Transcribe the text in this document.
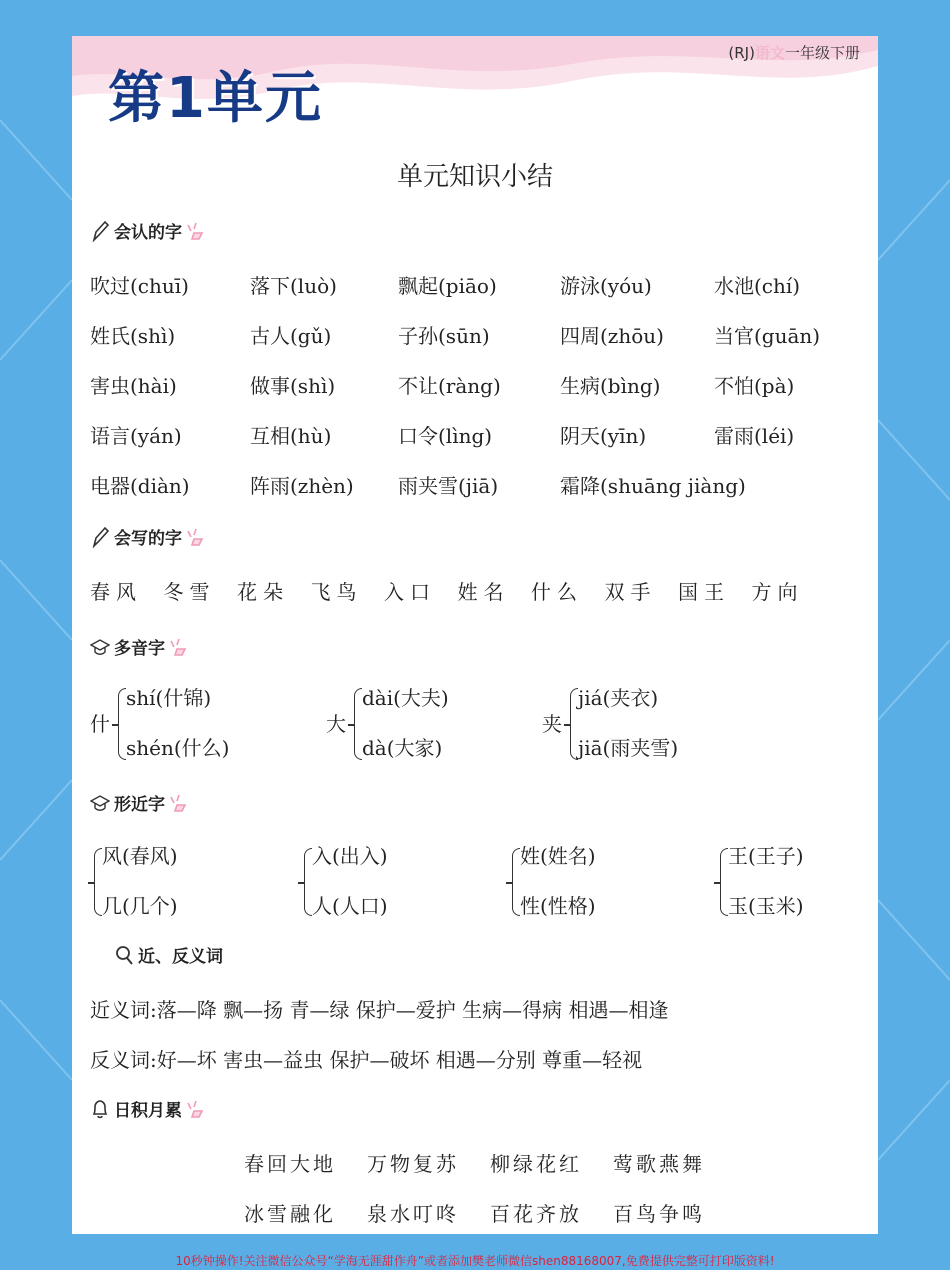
第1单元
(RJ)语文一年级下册
单元知识小结
会认的字
会写的字
多音字
形近字
近、反义词
近义词:落—降 飘—扬 青—绿 保护—爱护 生病—得病 相遇—相逢
反义词:好—坏 害虫—益虫 保护—破坏 相遇—分别 尊重—轻视
日积月累
吹过(chuī)	落下(luò)	飘起(piāo)	游泳(yóu)	水池(chí)
姓氏(shì)	古人(gǔ)	子孙(sūn)	四周(zhōu)	当官(guān)
害虫(hài)	做事(shì)	不让(ràng)	生病(bìng)	不怕(pà)
语言(yán)	互相(hù)	口令(lìng)	阴天(yīn)	雷雨(léi)
电器(diàn)	阵雨(zhèn) 雨夹雪(jiā)	霜降(shuāng jiàng)
春风 冬雪 花朵 飞鸟 入口 姓名 什么 双手 国王 方向
什
shí(什锦)
shén(什么)
大
dài(大夫)
dà(大家)
夹
jiá(夹衣)
jiā(雨夹雪)
风(春风)
几(几个)
入(出入)
人(人口)
姓(姓名)
性(性格)
王(王子)
玉(玉米)
春回大地 万物复苏 柳绿花红 莺歌燕舞
冰雪融化 泉水叮咚 百花齐放 百鸟争鸣
10秒钟操作!关注微信公众号“学海无涯甜作舟”或者添加樊老师微信shen88168007,免费提供完整可打印版资料!
